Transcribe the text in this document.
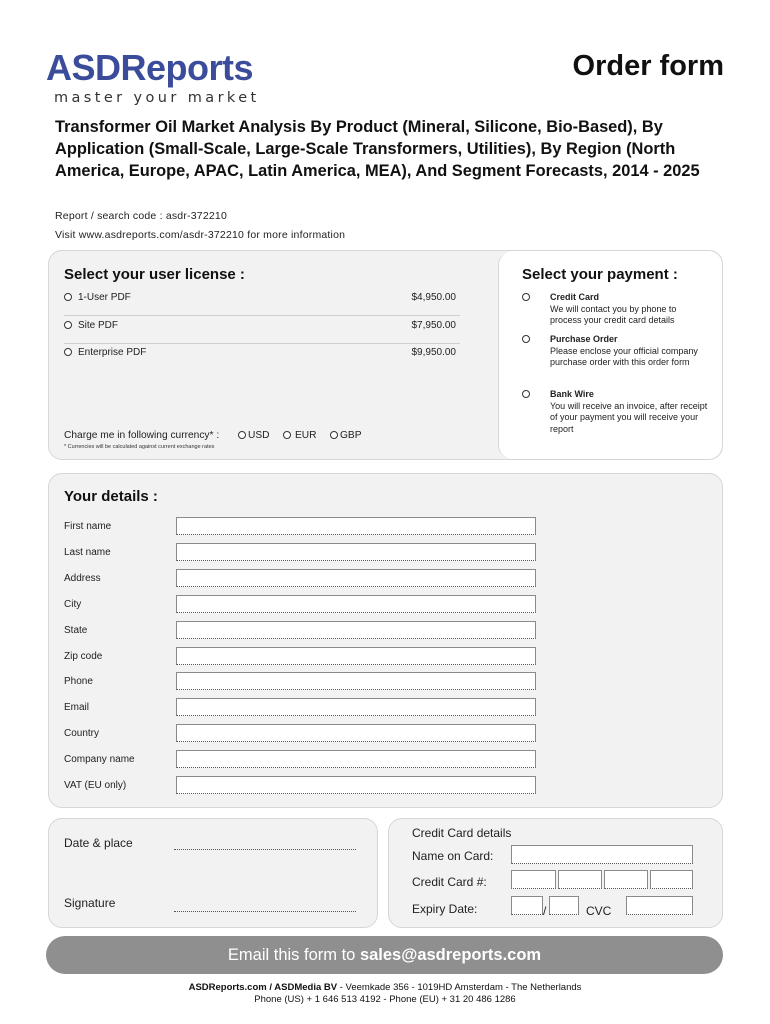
ASDReports
master your market
Order form
Transformer Oil Market Analysis By Product (Mineral, Silicone, Bio-Based), By Application (Small-Scale, Large-Scale Transformers, Utilities), By Region (North America, Europe, APAC, Latin America, MEA), And Segment Forecasts, 2014 - 2025
Report / search code : asdr-372210
Visit www.asdreports.com/asdr-372210 for more information
Select your user license :	Select your payment :
1-User PDF	$4,950.00
Site PDF	$7,950.00
Enterprise PDF	$9,950.00
Charge me in following currency* :	USD	EUR	GBP
* Currencies will be calculated against current exchange rates
Credit Card
We will contact you by phone to process your credit card details
Purchase Order
Please enclose your official company purchase order with this order form
Bank Wire
You will receive an invoice, after receipt of your payment you will receive your report
Your details :
First name
Last name
Address
City
State
Zip code
Phone
Email
Country
Company name
VAT (EU only)
Date & place
Signature
Credit Card details
Name on Card:
Credit Card #:
Expiry Date:	/	CVC
Email this form to sales@asdreports.com
ASDReports.com / ASDMedia BV - Veemkade 356 - 1019HD Amsterdam - The Netherlands
Phone (US) + 1 646 513 4192 - Phone (EU) + 31 20 486 1286
